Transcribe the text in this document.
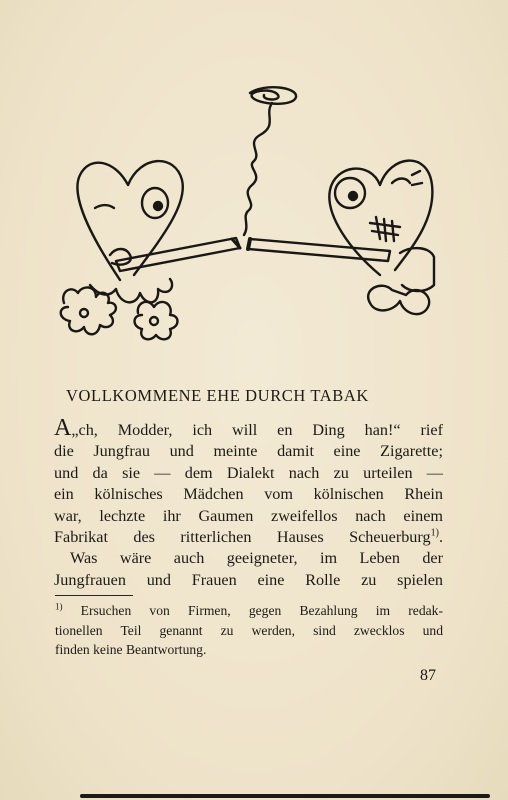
VOLLKOMMENE EHE DURCH TABAK
A„ch, Modder, ich will en Ding han!“ rief
die Jungfrau und meinte damit eine Zigarette;
und da sie — dem Dialekt nach zu urteilen —
ein kölnisches Mädchen vom kölnischen Rhein
war, lechzte ihr Gaumen zweifellos nach einem
Fabrikat des ritterlichen Hauses Scheuerburg$^{1)}$.
Was wäre auch geeigneter, im Leben der
Jungfrauen und Frauen eine Rolle zu spielen
$^{1)}$ Ersuchen von Firmen, gegen Bezahlung im redak-
tionellen Teil genannt zu werden, sind zwecklos und
finden keine Beantwortung.
87
